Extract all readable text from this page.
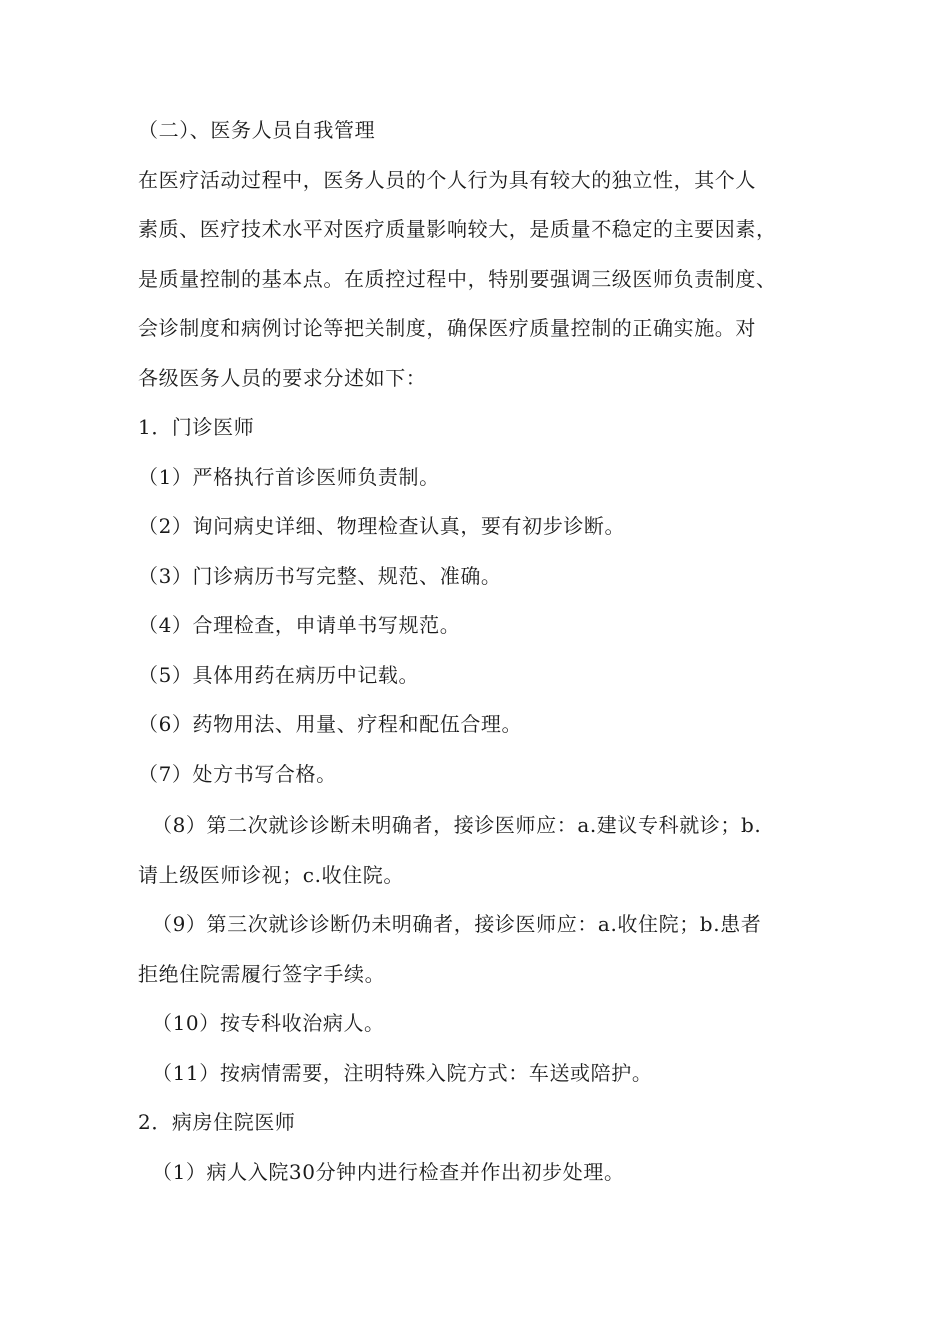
（二）、医务人员自我管理
在医疗活动过程中，医务人员的个人行为具有较大的独立性，其个人
素质、医疗技术水平对医疗质量影响较大，是质量不稳定的主要因素，
是质量控制的基本点。在质控过程中，特别要强调三级医师负责制度、
会诊制度和病例讨论等把关制度，确保医疗质量控制的正确实施。对
各级医务人员的要求分述如下：
1．门诊医师
（1）严格执行首诊医师负责制。
（2）询问病史详细、物理检查认真，要有初步诊断。
（3）门诊病历书写完整、规范、准确。
（4）合理检查，申请单书写规范。
（5）具体用药在病历中记载。
（6）药物用法、用量、疗程和配伍合理。
（7）处方书写合格。
（8）第二次就诊诊断未明确者，接诊医师应：a.建议专科就诊；b.
请上级医师诊视；c.收住院。
（9）第三次就诊诊断仍未明确者，接诊医师应：a.收住院；b.患者
拒绝住院需履行签字手续。
（10）按专科收治病人。
（11）按病情需要，注明特殊入院方式：车送或陪护。
2．病房住院医师
（1）病人入院30分钟内进行检查并作出初步处理。
